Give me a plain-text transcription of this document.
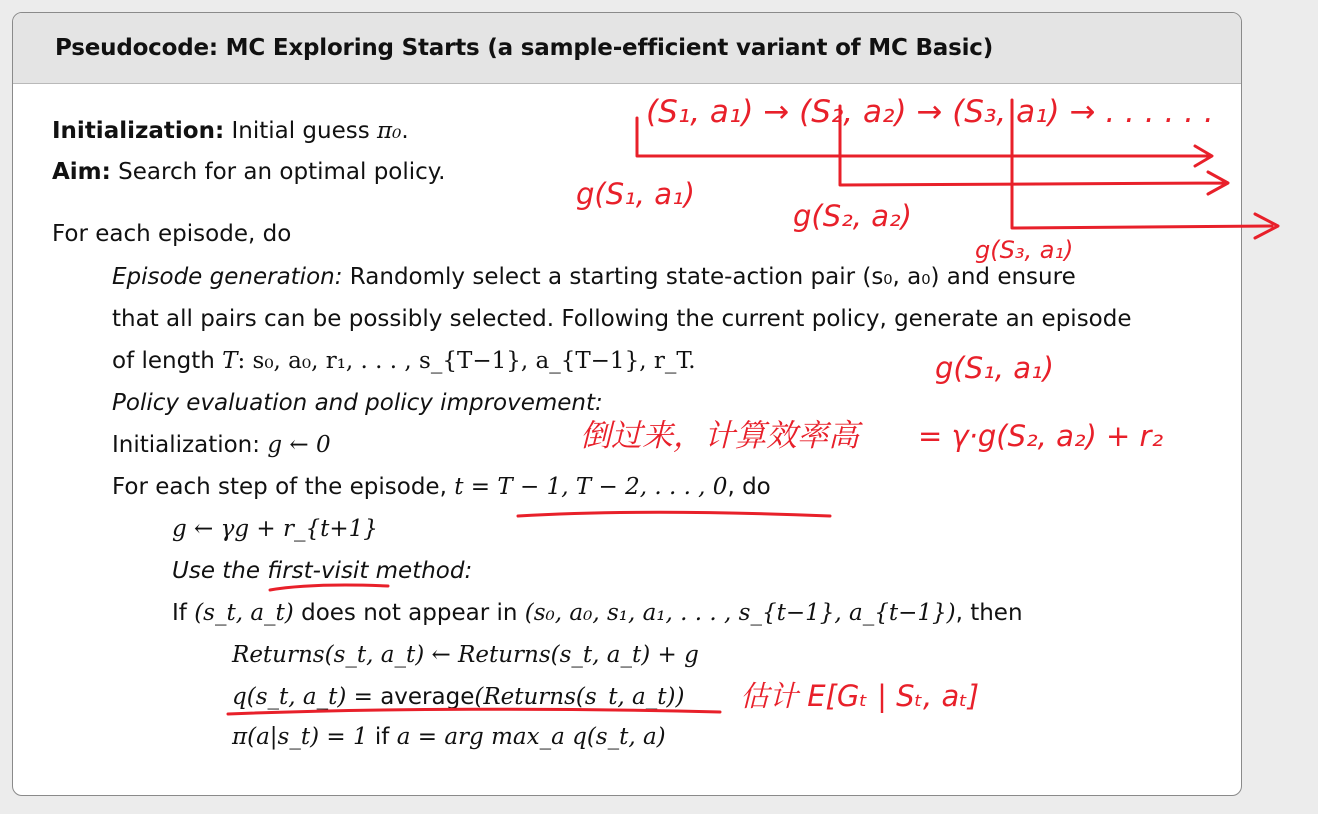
Pseudocode: MC Exploring Starts (a sample-efficient variant of MC Basic)
Initialization: Initial guess π₀.
Aim: Search for an optimal policy.
For each episode, do
Episode generation: Randomly select a starting state-action pair (s₀, a₀) and ensure
that all pairs can be possibly selected. Following the current policy, generate an episode
of length T: s₀, a₀, r₁, . . . , s_{T−1}, a_{T−1}, r_T.
Policy evaluation and policy improvement:
Initialization: g ← 0
For each step of the episode, t = T − 1, T − 2, . . . , 0, do
g ← γg + r_{t+1}
Use the first-visit method:
If (s_t, a_t) does not appear in (s₀, a₀, s₁, a₁, . . . , s_{t−1}, a_{t−1}), then
Returns(s_t, a_t) ← Returns(s_t, a_t) + g
q(s_t, a_t) = average(Returns(s_t, a_t))
π(a|s_t) = 1 if a = arg max_a q(s_t, a)
(S₁, a₁) → (S₂, a₂) → (S₃, a₁) → . . . . . .
g(S₁, a₁)
g(S₂, a₂)
g(S₃, a₁)
g(S₁, a₁)
= γ·g(S₂, a₂) + r₂
倒过来，计算效率高
估计 E[Gₜ | Sₜ, aₜ]
